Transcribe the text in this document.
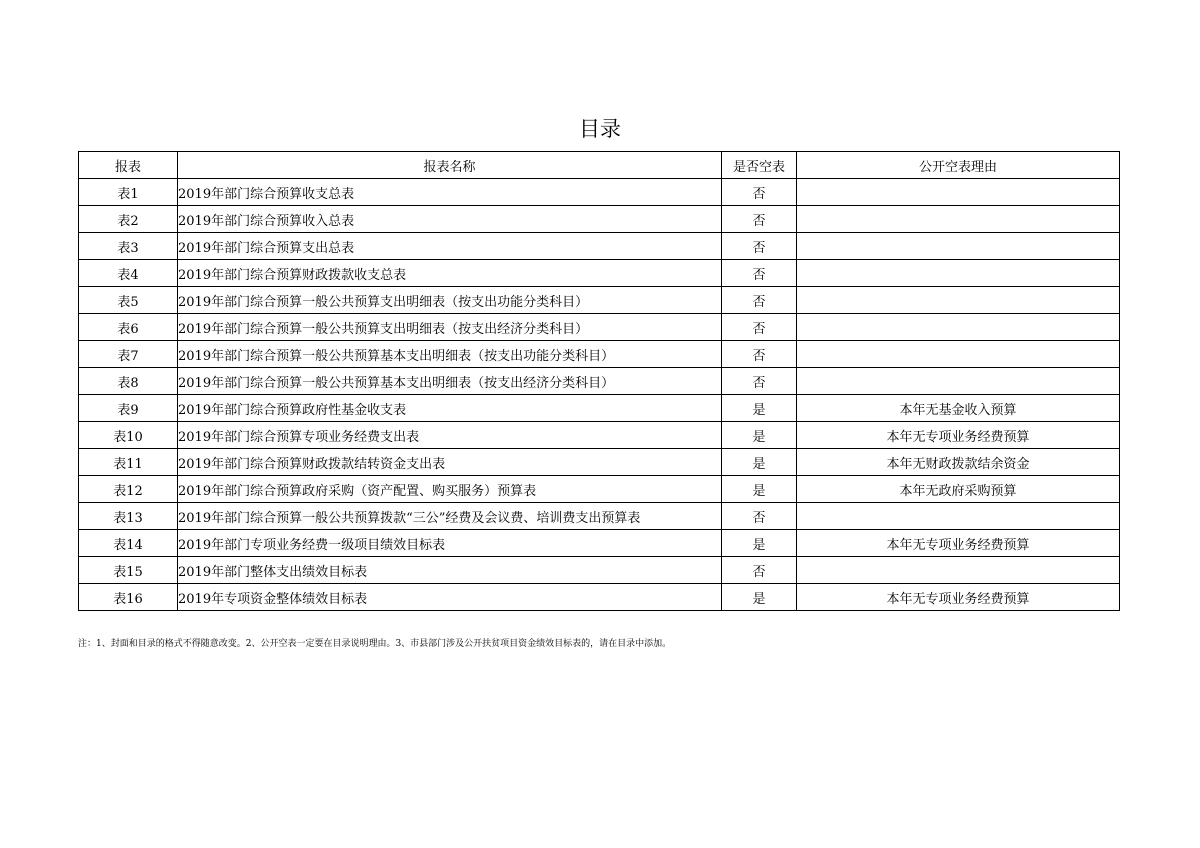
目录
报表	报表名称	是否空表	公开空表理由
表1	2019年部门综合预算收支总表	否	
表2	2019年部门综合预算收入总表	否	
表3	2019年部门综合预算支出总表	否	
表4	2019年部门综合预算财政拨款收支总表	否	
表5	2019年部门综合预算一般公共预算支出明细表（按支出功能分类科目）	否	
表6	2019年部门综合预算一般公共预算支出明细表（按支出经济分类科目）	否	
表7	2019年部门综合预算一般公共预算基本支出明细表（按支出功能分类科目）	否	
表8	2019年部门综合预算一般公共预算基本支出明细表（按支出经济分类科目）	否	
表9	2019年部门综合预算政府性基金收支表	是	本年无基金收入预算
表10	2019年部门综合预算专项业务经费支出表	是	本年无专项业务经费预算
表11	2019年部门综合预算财政拨款结转资金支出表	是	本年无财政拨款结余资金
表12	2019年部门综合预算政府采购（资产配置、购买服务）预算表	是	本年无政府采购预算
表13	2019年部门综合预算一般公共预算拨款“三公”经费及会议费、培训费支出预算表	否	
表14	2019年部门专项业务经费一级项目绩效目标表	是	本年无专项业务经费预算
表15	2019年部门整体支出绩效目标表	否	
表16	2019年专项资金整体绩效目标表	是	本年无专项业务经费预算
注：1、封面和目录的格式不得随意改变。2、公开空表一定要在目录说明理由。3、市县部门涉及公开扶贫项目资金绩效目标表的，请在目录中添加。
